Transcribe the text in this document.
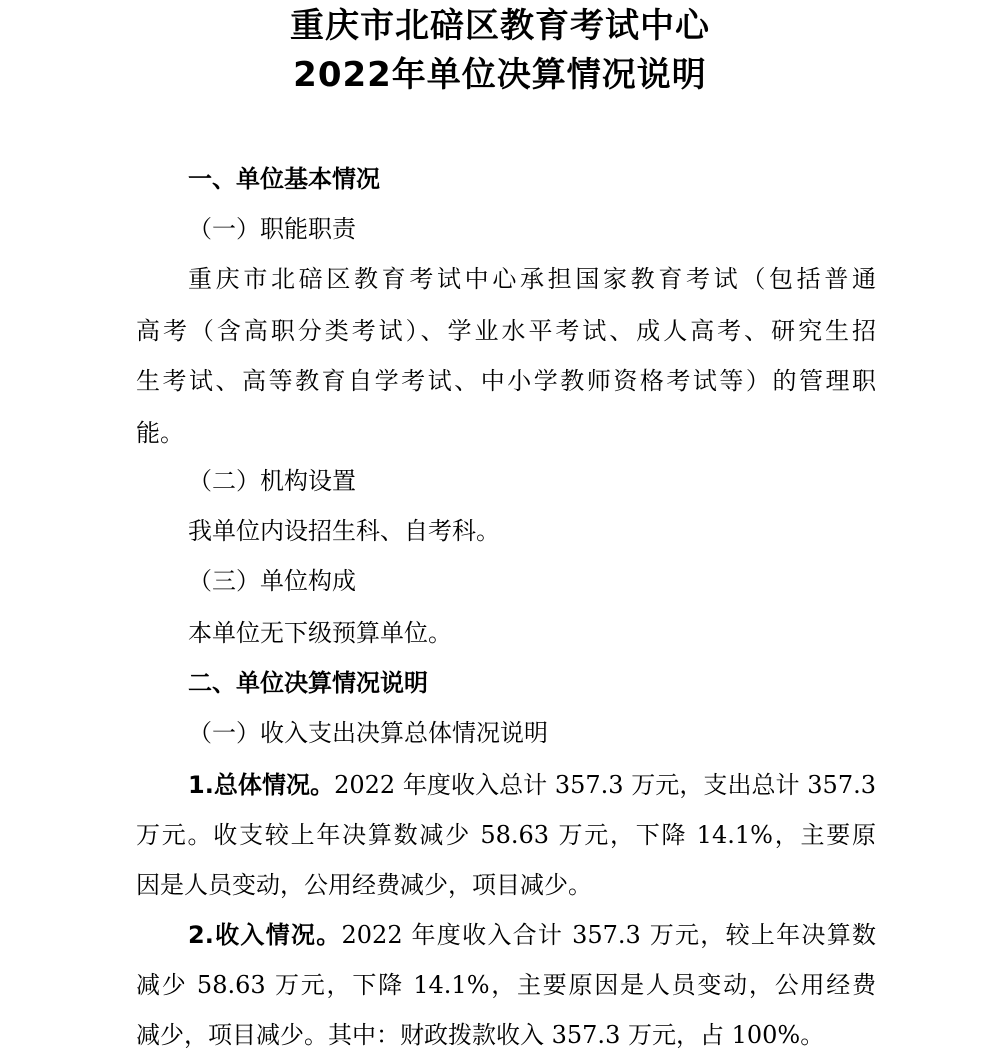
重庆市北碚区教育考试中心
2022年单位决算情况说明
一、单位基本情况
（一）职能职责
重庆市北碚区教育考试中心承担国家教育考试（包括普通
高考（含高职分类考试）、学业水平考试、成人高考、研究生招
生考试、高等教育自学考试、中小学教师资格考试等）的管理职
能。
（二）机构设置
我单位内设招生科、自考科。
（三）单位构成
本单位无下级预算单位。
二、单位决算情况说明
（一）收入支出决算总体情况说明
1.总体情况。2022 年度收入总计 357.3 万元，支出总计 357.3
万元。收支较上年决算数减少 58.63 万元，下降 14.1%，主要原
因是人员变动，公用经费减少，项目减少。
2.收入情况。2022 年度收入合计 357.3 万元，较上年决算数
减少 58.63 万元，下降 14.1%，主要原因是人员变动，公用经费
减少，项目减少。其中：财政拨款收入 357.3 万元，占 100%。
